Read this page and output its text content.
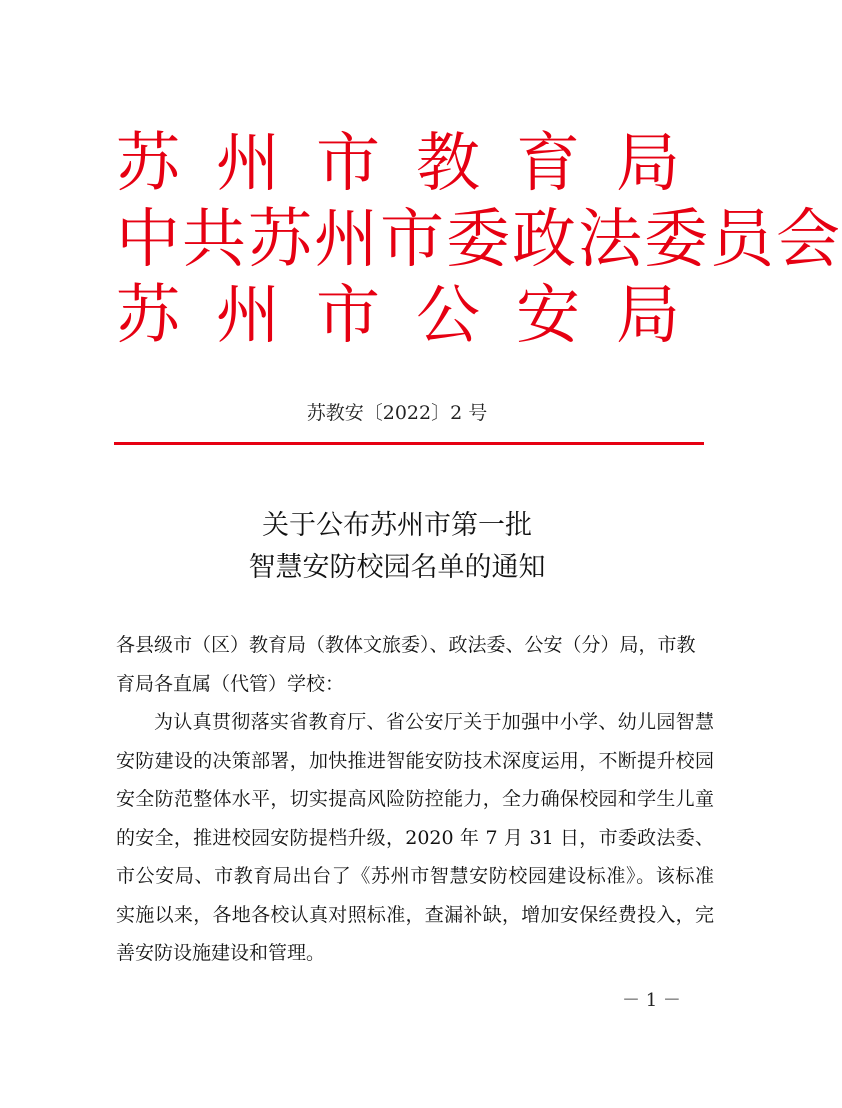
苏 州 市 教 育 局
中共苏州市委政法委员会
苏 州 市 公 安 局
苏教安〔2022〕2 号
关于公布苏州市第一批
智慧安防校园名单的通知
各县级市（区）教育局（教体文旅委）、政法委、公安（分）局，市教育局各直属（代管）学校：
为认真贯彻落实省教育厅、省公安厅关于加强中小学、幼儿园智慧安防建设的决策部署，加快推进智能安防技术深度运用，不断提升校园安全防范整体水平，切实提高风险防控能力，全力确保校园和学生儿童的安全，推进校园安防提档升级，2020 年 7 月 31 日，市委政法委、市公安局、市教育局出台了《苏州市智慧安防校园建设标准》。该标准实施以来，各地各校认真对照标准，查漏补缺，增加安保经费投入，完善安防设施建设和管理。
－ 1 －
